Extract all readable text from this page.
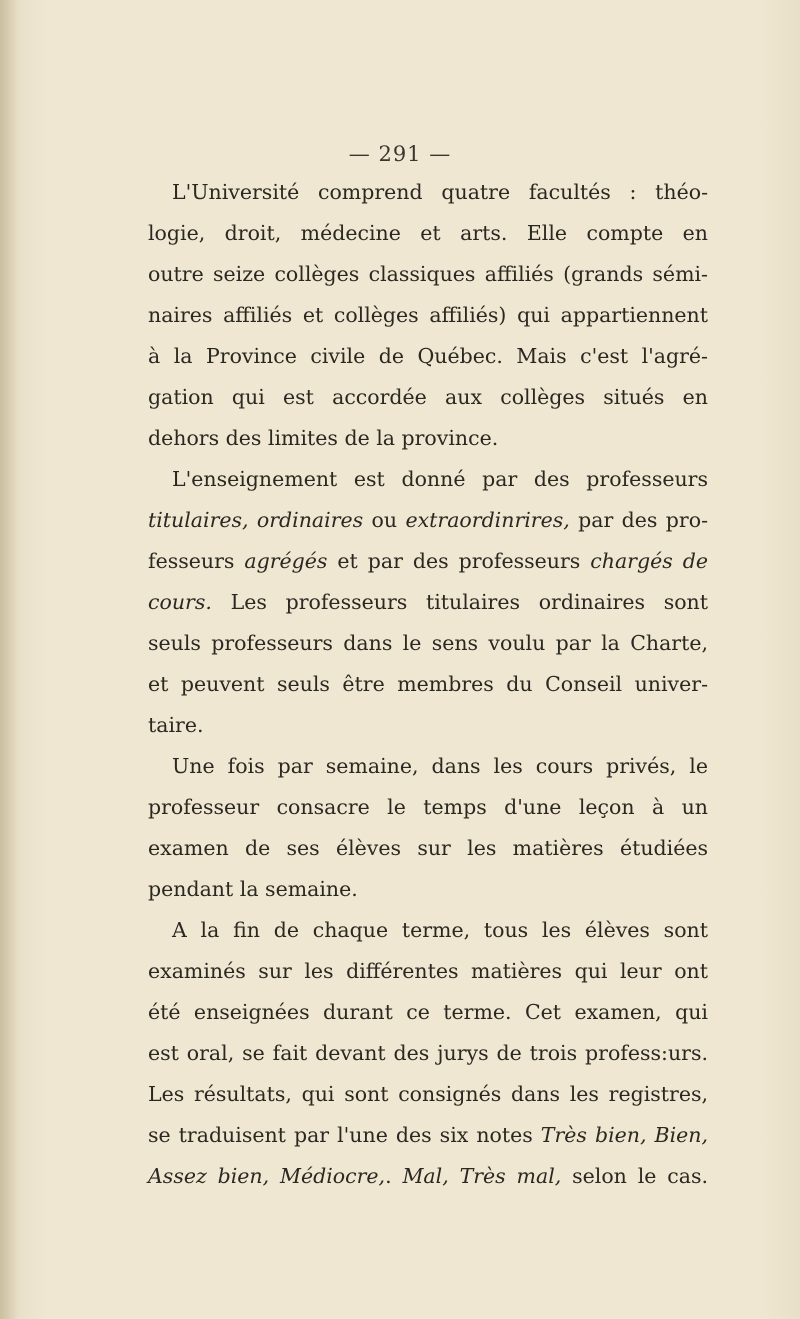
— 291 —
L'Université comprend quatre facultés : théo-
logie, droit, médecine et arts. Elle compte en
outre seize collèges classiques affiliés (grands sémi-
naires affiliés et collèges affiliés) qui appartiennent
à la Province civile de Québec. Mais c'est l'agré-
gation qui est accordée aux collèges situés en
dehors des limites de la province.
L'enseignement est donné par des professeurs
titulaires, ordinaires ou extraordinrires, par des pro-
fesseurs agrégés et par des professeurs chargés de
cours. Les professeurs titulaires ordinaires sont
seuls professeurs dans le sens voulu par la Charte,
et peuvent seuls être membres du Conseil univer-
taire.
Une fois par semaine, dans les cours privés, le
professeur consacre le temps d'une leçon à un
examen de ses élèves sur les matières étudiées
pendant la semaine.
A la fin de chaque terme, tous les élèves sont
examinés sur les différentes matières qui leur ont
été enseignées durant ce terme. Cet examen, qui
est oral, se fait devant des jurys de trois profess:urs.
Les résultats, qui sont consignés dans les registres,
se traduisent par l'une des six notes Très bien, Bien,
Assez bien, Médiocre,. Mal, Très mal, selon le cas.
